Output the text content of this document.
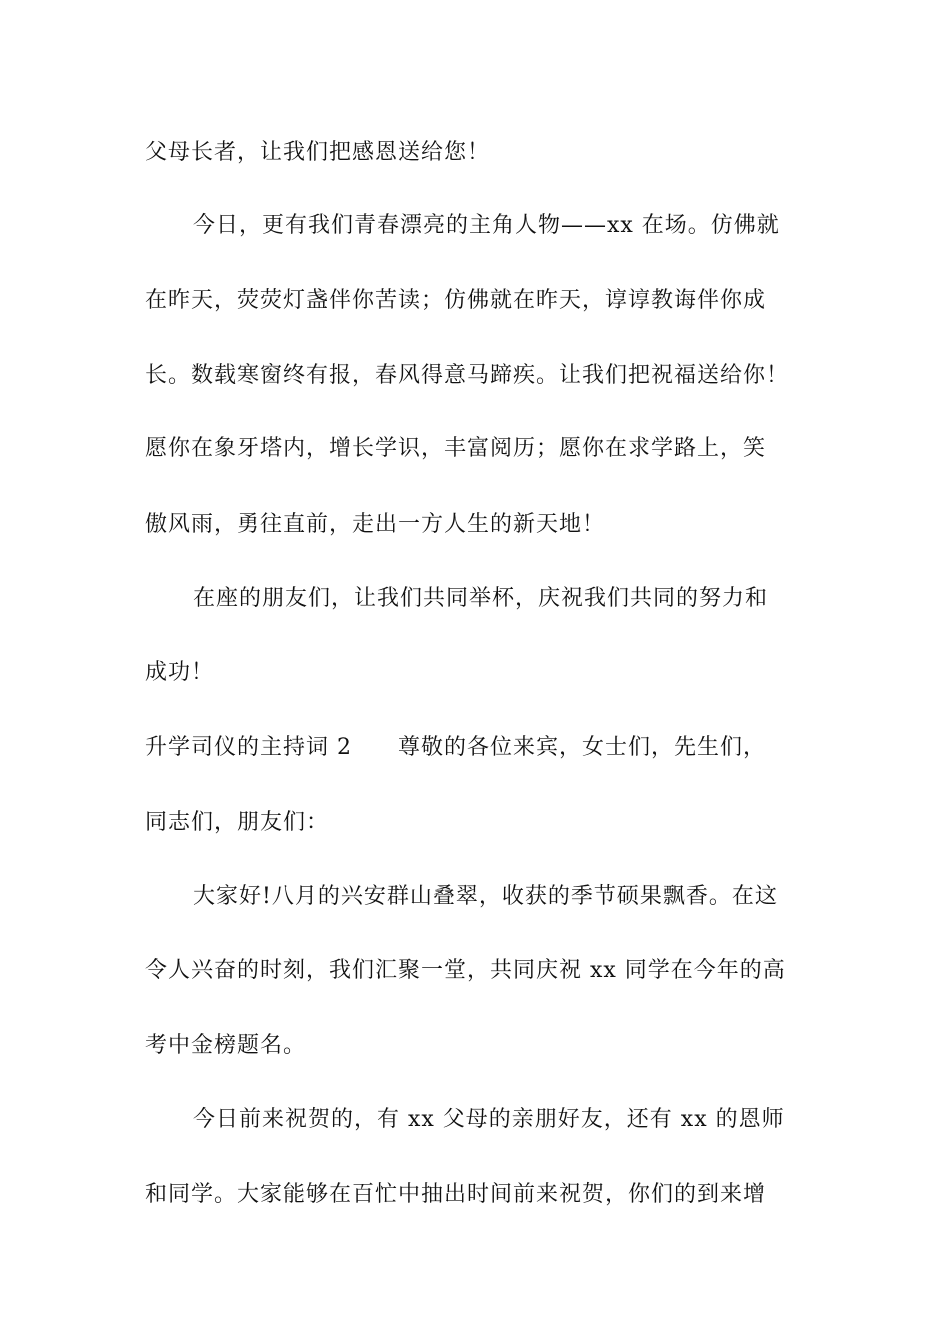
父母长者，让我们把感恩送给您！
今日，更有我们青春漂亮的主角人物——xx 在场。仿佛就
在昨天，荧荧灯盏伴你苦读；仿佛就在昨天，谆谆教诲伴你成
长。数载寒窗终有报，春风得意马蹄疾。让我们把祝福送给你！
愿你在象牙塔内，增长学识，丰富阅历；愿你在求学路上，笑
傲风雨，勇往直前，走出一方人生的新天地！
在座的朋友们，让我们共同举杯，庆祝我们共同的努力和
成功！
升学司仪的主持词 2　　尊敬的各位来宾，女士们，先生们，
同志们，朋友们：
大家好!八月的兴安群山叠翠，收获的季节硕果飘香。在这
令人兴奋的时刻，我们汇聚一堂，共同庆祝 xx 同学在今年的高
考中金榜题名。
今日前来祝贺的，有 xx 父母的亲朋好友，还有 xx 的恩师
和同学。大家能够在百忙中抽出时间前来祝贺，你们的到来增
